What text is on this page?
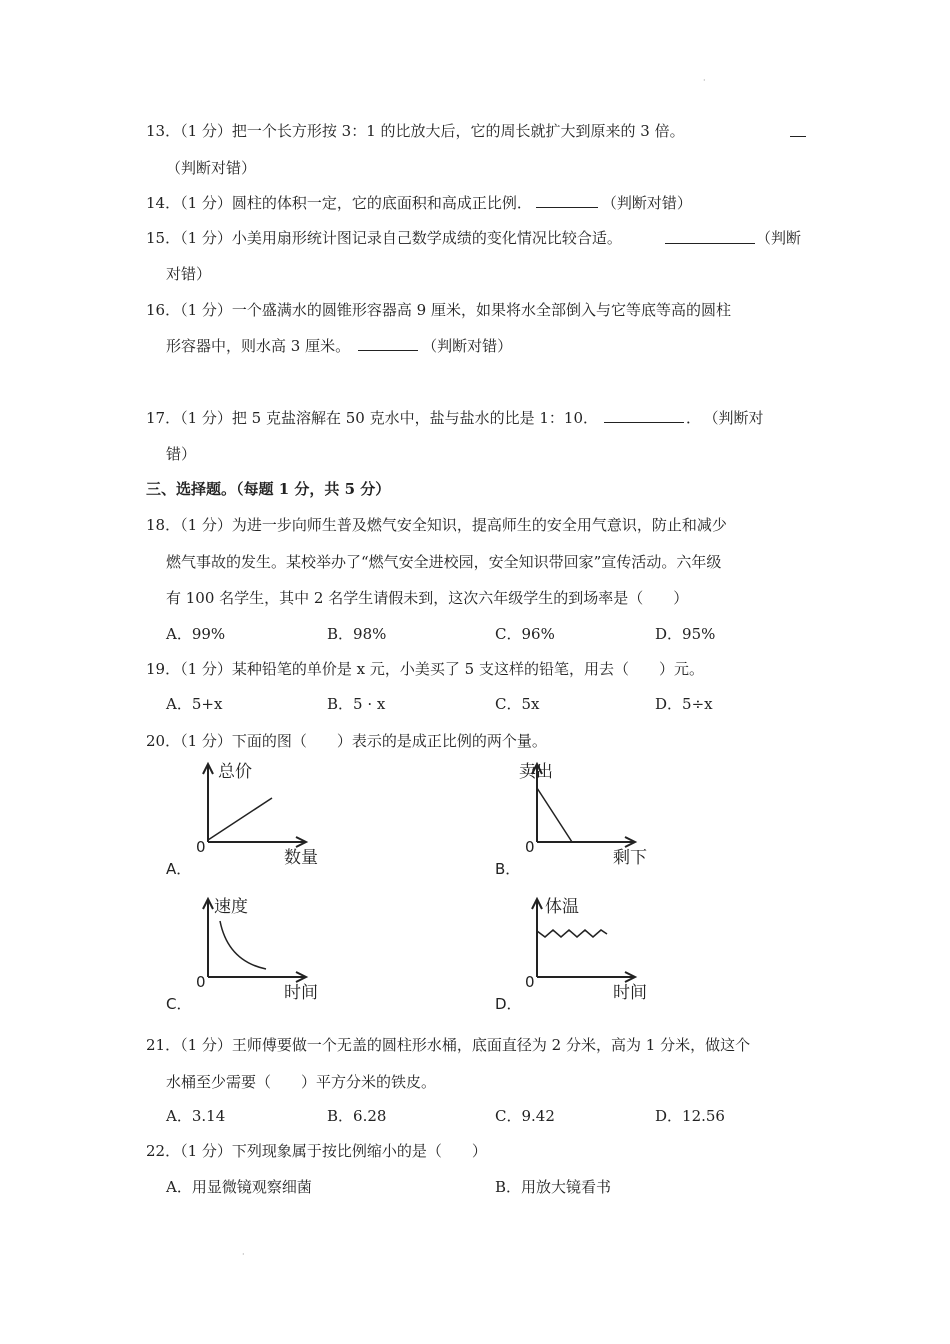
·
13．（1 分）把一个长方形按 3：1 的比放大后，它的周长就扩大到原来的 3 倍。
（判断对错）
14．（1 分）圆柱的体积一定，它的底面积和高成正比例．	（判断对错）
15．（1 分）小美用扇形统计图记录自己数学成绩的变化情况比较合适。	（判断
对错）
16．（1 分）一个盛满水的圆锥形容器高 9 厘米，如果将水全部倒入与它等底等高的圆柱
形容器中，则水高 3 厘米。	（判断对错）
17．（1 分）把 5 克盐溶解在 50 克水中，盐与盐水的比是 1：10．	． （判断对
错）
三、选择题。（每题 1 分，共 5 分）
18．（1 分）为进一步向师生普及燃气安全知识，提高师生的安全用气意识，防止和减少
燃气事故的发生。某校举办了“燃气安全进校园，安全知识带回家”宣传活动。六年级
有 100 名学生，其中 2 名学生请假未到，这次六年级学生的到场率是（　　）
A．99%	B．98%	C．96%	D．95%
19．（1 分）某种铅笔的单价是 x 元，小美买了 5 支这样的铅笔，用去（　　）元。
A．5+x	B．5 · x	C．5x	D．5÷x
20．（1 分）下面的图（　　）表示的是成正比例的两个量。
总价
数量
0
A．
卖出
剩下
0
B．
速度
时间
0
C．
体温
时间
0
D．
21．（1 分）王师傅要做一个无盖的圆柱形水桶，底面直径为 2 分米，高为 1 分米，做这个
水桶至少需要（　　）平方分米的铁皮。
A．3.14	B．6.28	C．9.42	D．12.56
22．（1 分）下列现象属于按比例缩小的是（　　）
A．用显微镜观察细菌	B．用放大镜看书
·
